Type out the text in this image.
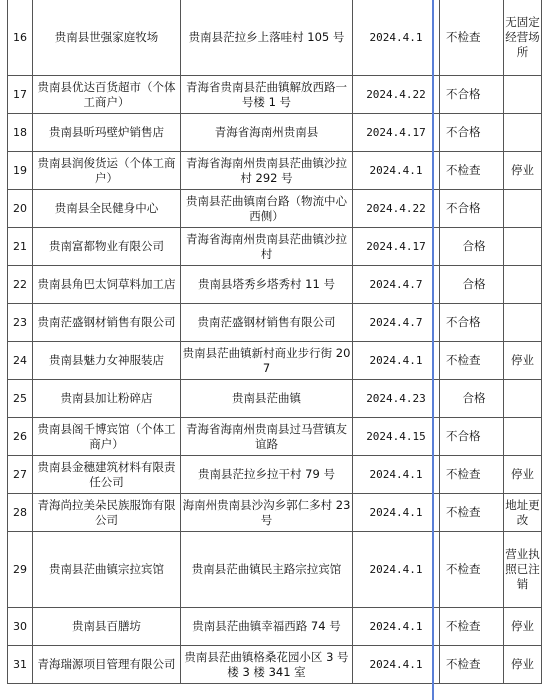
16	贵南县世强家庭牧场	贵南县茫拉乡上落哇村 105 号	2024.4.1	不检查	无固定经营场所
17	贵南县优达百货超市（个体工商户）	青海省贵南县茫曲镇解放西路一号楼 1 号	2024.4.22	不合格	
18	贵南县昕玛壁炉销售店	青海省海南州贵南县	2024.4.17	不合格	
19	贵南县润俊货运（个体工商户）	青海省海南州贵南县茫曲镇沙拉村 292 号	2024.4.1	不检查	停业
20	贵南县全民健身中心	贵南县茫曲镇南台路（物流中心西侧）	2024.4.22	不合格	
21	贵南富都物业有限公司	青海省海南州贵南县茫曲镇沙拉村	2024.4.17	合格	
22	贵南县角巴太饲草料加工店	贵南县塔秀乡塔秀村 11 号	2024.4.7	合格	
23	贵南茫盛钢材销售有限公司	贵南茫盛钢材销售有限公司	2024.4.7	不合格	
24	贵南县魅力女神服装店	贵南县茫曲镇新村商业步行街 207	2024.4.1	不检查	停业
25	贵南县加让粉碎店	贵南县茫曲镇	2024.4.23	合格	
26	贵南县阁千博宾馆（个体工商户）	青海省海南州贵南县过马营镇友谊路	2024.4.15	不合格	
27	贵南县金穗建筑材料有限责任公司	贵南县茫拉乡拉干村 79 号	2024.4.1	不检查	停业
28	青海尚拉美朵民族服饰有限公司	海南州贵南县沙沟乡郭仁多村 23 号	2024.4.1	不检查	地址更改
29	贵南县茫曲镇宗拉宾馆	贵南县茫曲镇民主路宗拉宾馆	2024.4.1	不检查	营业执照已注销
30	贵南县百膳坊	贵南县茫曲镇幸福西路 74 号	2024.4.1	不检查	停业
31	青海瑞源项目管理有限公司	贵南县茫曲镇格桑花园小区 3 号楼 3 楼 341 室	2024.4.1	不检查	停业
